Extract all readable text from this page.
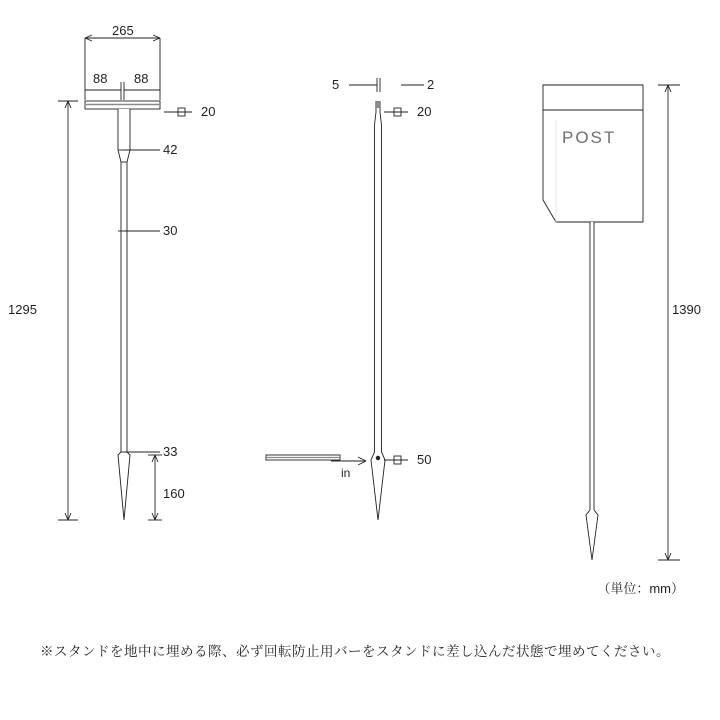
265
88 88
20
42
30
33
160
1295
5	2
20
50
in
POST
1390
（単位：mm）
※スタンドを地中に埋める際、必ず回転防止用バーをスタンドに差し込んだ状態で埋めてください。
